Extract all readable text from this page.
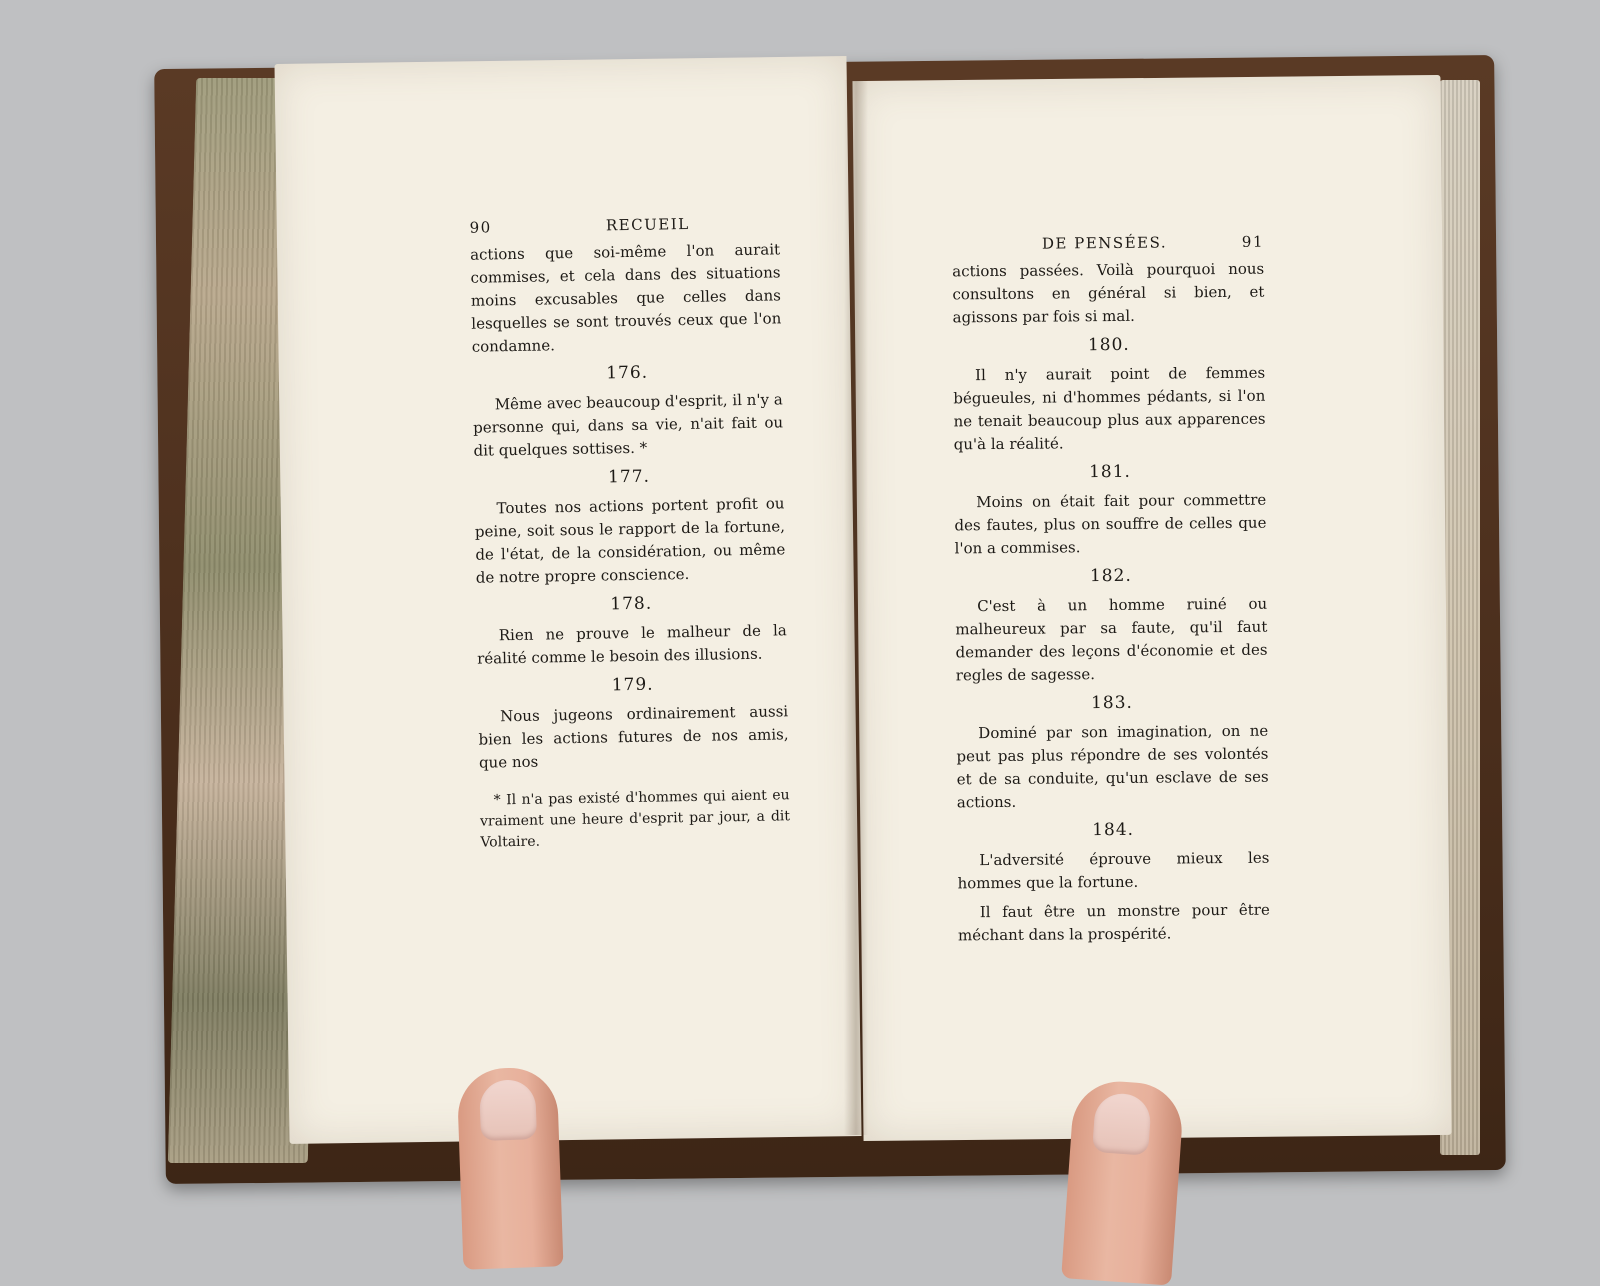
90	RECUEIL

actions que soi-même l'on aurait commises, et cela dans des situations moins excusables que celles dans lesquelles se sont trouvés ceux que l'on condamne.

176.

Même avec beaucoup d'esprit, il n'y a personne qui, dans sa vie, n'ait fait ou dit quelques sottises. *

177.

Toutes nos actions portent profit ou peine, soit sous le rapport de la fortune, de l'état, de la considération, ou même de notre propre conscience.

178.

Rien ne prouve le malheur de la réalité comme le besoin des illusions.

179.

Nous jugeons ordinairement aussi bien les actions futures de nos amis, que nos

* Il n'a pas existé d'hommes qui aient eu vraiment une heure d'esprit par jour, a dit Voltaire.

DE PENSÉES.	91

actions passées. Voilà pourquoi nous consultons en général si bien, et agissons par fois si mal.

180.

Il n'y aurait point de femmes bégueules, ni d'hommes pédants, si l'on ne tenait beaucoup plus aux apparences qu'à la réalité.

181.

Moins on était fait pour commettre des fautes, plus on souffre de celles que l'on a commises.

182.

C'est à un homme ruiné ou malheureux par sa faute, qu'il faut demander des leçons d'économie et des regles de sagesse.

183.

Dominé par son imagination, on ne peut pas plus répondre de ses volontés et de sa conduite, qu'un esclave de ses actions.

184.

L'adversité éprouve mieux les hommes que la fortune.

Il faut être un monstre pour être méchant dans la prospérité.
